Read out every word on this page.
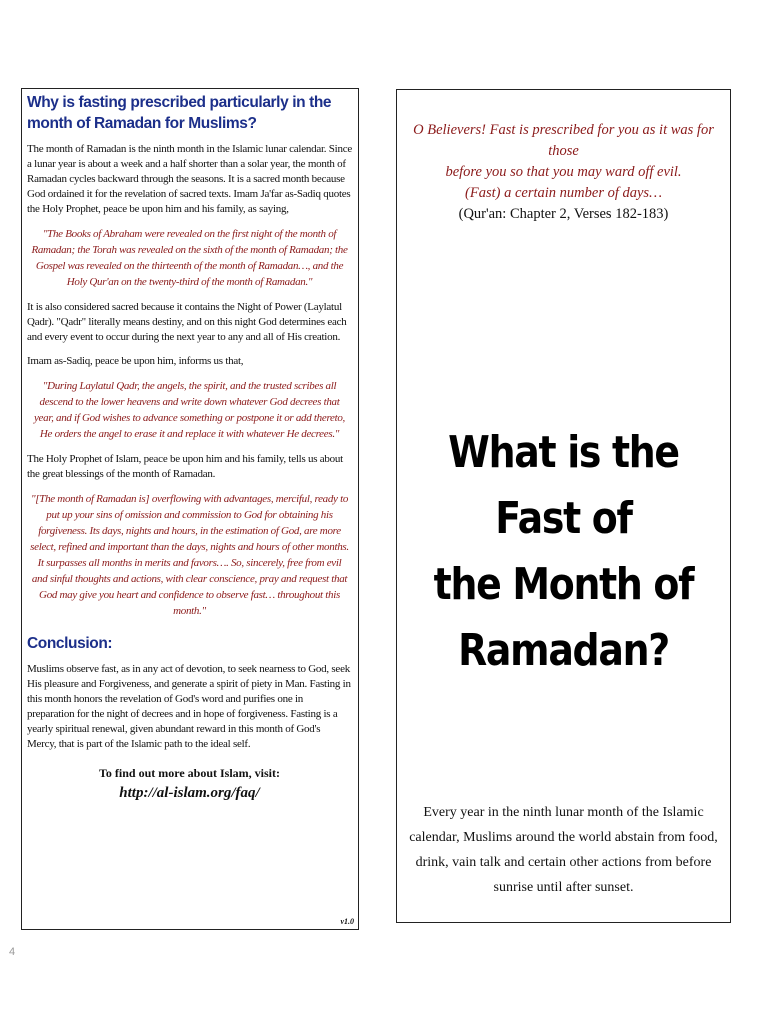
Why is fasting prescribed particularly in the month of Ramadan for Muslims?

The month of Ramadan is the ninth month in the Islamic lunar calendar. Since a lunar year is about a week and a half shorter than a solar year, the month of Ramadan cycles backward through the seasons. It is a sacred month because God ordained it for the revelation of sacred texts. Imam Ja'far as-Sadiq quotes the Holy Prophet, peace be upon him and his family, as saying,

"The Books of Abraham were revealed on the first night of the month of Ramadan; the Torah was revealed on the sixth of the month of Ramadan; the Gospel was revealed on the thirteenth of the month of Ramadan…, and the Holy Qur'an on the twenty-third of the month of Ramadan."

It is also considered sacred because it contains the Night of Power (Laylatul Qadr). "Qadr" literally means destiny, and on this night God determines each and every event to occur during the next year to any and all of His creation.

Imam as-Sadiq, peace be upon him, informs us that,

"During Laylatul Qadr, the angels, the spirit, and the trusted scribes all descend to the lower heavens and write down whatever God decrees that year, and if God wishes to advance something or postpone it or add thereto, He orders the angel to erase it and replace it with whatever He decrees."

The Holy Prophet of Islam, peace be upon him and his family, tells us about the great blessings of the month of Ramadan.

"[The month of Ramadan is] overflowing with advantages, merciful, ready to put up your sins of omission and commission to God for obtaining his forgiveness. Its days, nights and hours, in the estimation of God, are more select, refined and important than the days, nights and hours of other months. It surpasses all months in merits and favors…. So, sincerely, free from evil and sinful thoughts and actions, with clear conscience, pray and request that God may give you heart and confidence to observe fast… throughout this month."

Conclusion:

Muslims observe fast, as in any act of devotion, to seek nearness to God, seek His pleasure and Forgiveness, and generate a spirit of piety in Man. Fasting in this month honors the revelation of God's word and purifies one in preparation for the night of decrees and in hope of forgiveness. Fasting is a yearly spiritual renewal, given abundant reward in this month of God's Mercy, that is part of the Islamic path to the ideal self.

To find out more about Islam, visit:
http://al-islam.org/faq/
v1.0
O Believers! Fast is prescribed for you as it was for those
before you so that you may ward off evil.
(Fast) a certain number of days…
(Qur'an: Chapter 2, Verses 182-183)
What is the Fast of
the Month of
Ramadan?
Every year in the ninth lunar month of the Islamic calendar, Muslims around the world abstain from food, drink, vain talk and certain other actions from before sunrise until after sunset.
4
